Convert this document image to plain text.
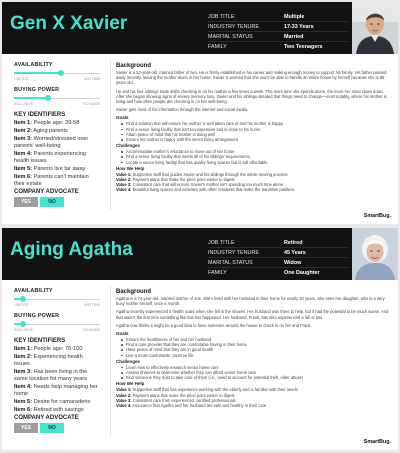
Gen X Xavier	JOB TITLE	Multiple
INDUSTRY TENURE	17-33 Years
MARITAL STATUS	Married
FAMILY	Two Teenagers
AVAILABILITY
LIMITED	ANYTIME
BUYING POWER
INCLUSIVE	NO NAME
KEY IDENTIFIERS
Item 1: People age: 39-58
Item 2: Aging parents
Item 3: Worried/stressed over parents' well-being
Item 4: Parents experiencing health issues
Item 5: Parents live far away
Item 6: Parents can't maintain their estate
COMPANY ADVOCATE
YES	NO
Background

Xavier is a 52-year-old, married father of two. He is firmly established in his career and making enough money to support his family. His father passed away recently, leaving the mother alone in her home. Xavier is worried that she won't be able to handle an entire house by herself because she is 85 years old.

He and his four siblings trade shifts checking in on his mother a few times a week. The more time she spends alone, the more her mind slows down. After she began showing signs of severe memory loss, Xavier and his siblings decided that things need to change—most notably, where his mother is living and how often people are checking in on her well-being.

Xavier gets most of his information through the internet and social media.

Goals
Find a solution that will ensure his mother is well taken care of and his mother is happy
Find a senior living facility that isn't too expensive and is close to his home
Attain peace of mind that his mother is doing well
Ensure his mother is happy with the senior living arrangement
Challenges
Accommodate mother's reluctance to move out of her home
Find a senior living facility that meets all of his siblings' requirements
Locate a senior living facility that has quality living spaces but is still affordable
How We Help
Value 1: Supportive staff that guides Xavier and his siblings through the whole moving process
Value 2: Payment plans that make the price point easier to digest
Value 3: Consistent care that will ensure Xavier's mother isn't spending too much time alone
Value 4: Beautiful living spaces and activities with other residents that make the transition painless
SmartBug.
Aging Agatha	JOB TITLE	Retired
INDUSTRY TENURE	45 Years
MARITAL STATUS	Widow
FAMILY	One Daughter
AVAILABILITY
LIMITED	ANYTIME
BUYING POWER
INCLUSIVE	NO NAME
KEY IDENTIFIERS
Item 1: People age: 70-100
Item 2: Experiencing health issues
Item 3: Has been living in the same location for many years
Item 4: Needs help managing her home
Item 5: Desire for camaraderie
Item 6: Retired with savings
COMPANY ADVOCATE
YES	NO
Background

Agatha is a 74-year-old, married mother of one. She's lived with her husband in their home for nearly 30 years. She sees her daughter, who is a very busy mother herself, once a month.

Agatha recently experienced a health scare when she fell in the shower. Her husband was there to help, but it had the potential to be much worse. And that wasn't the first time something like this has happened. Her husband, Frank, has also experienced a fall or two.

Agatha now thinks it might be a good idea to have someone around the house to check in on her and Frank.

Goals
Ensure the healthiness of her and her husband
Find a care provider that they are comfortable having in their home
Have peace of mind that they are in good health
Live a more comfortable, carefree life
Challenges
Learn how to effectively research senior home care
Assess finances to determine whether they can afford senior home care
Find someone they trust to take care of them (i.e., need to account for potential theft, elder abuse)
How We Help
Value 1: Supportive staff that has experience working with the elderly and is familiar with their needs
Value 2: Payment plans that make the price point easier to digest
Value 3: Consistent care from experienced, certified professionals
Value 4: Assurance that Agatha and her husband are safe and healthy in their care
SmartBug.
